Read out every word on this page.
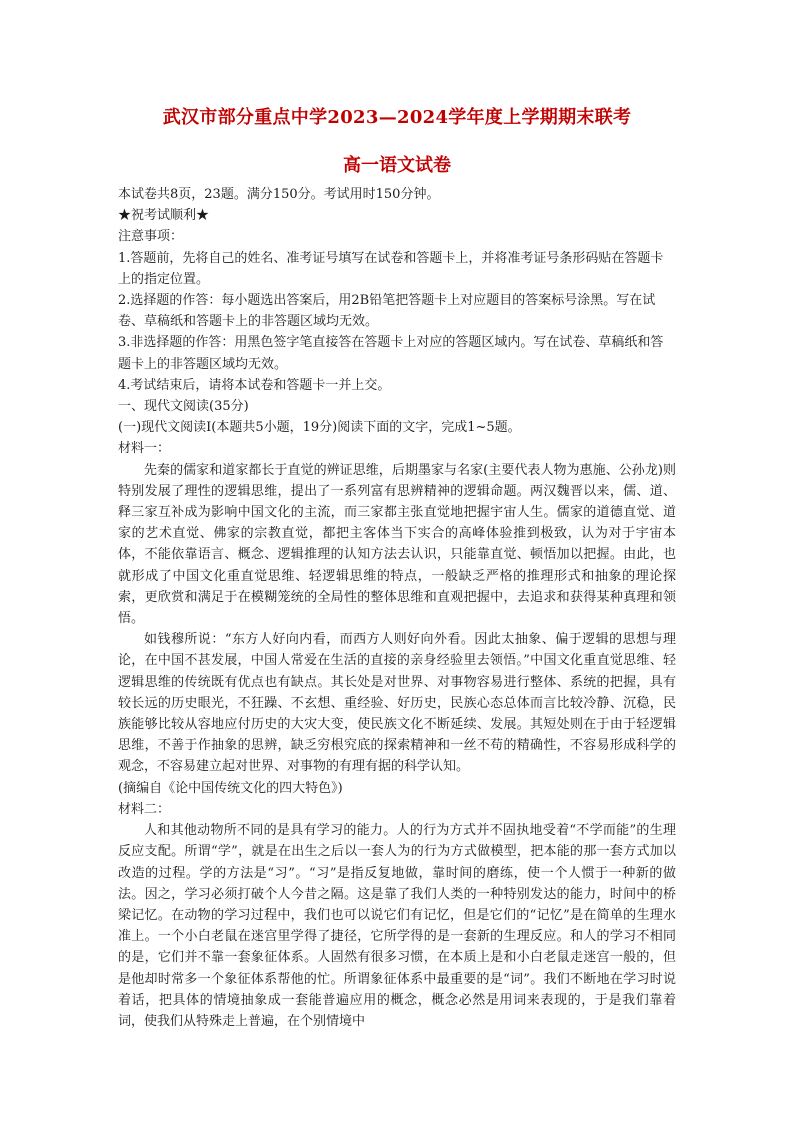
武汉市部分重点中学2023—2024学年度上学期期末联考
高一语文试卷

本试卷共8页，23题。满分150分。考试用时150分钟。

★祝考试顺利★

注意事项：

1.答题前，先将自己的姓名、准考证号填写在试卷和答题卡上，并将准考证号条形码贴在答题卡上的指定位置。

2.选择题的作答：每小题选出答案后，用2B铅笔把答题卡上对应题目的答案标号涂黑。写在试卷、草稿纸和答题卡上的非答题区域均无效。

3.非选择题的作答：用黑色签字笔直接答在答题卡上对应的答题区域内。写在试卷、草稿纸和答题卡上的非答题区域均无效。

4.考试结束后，请将本试卷和答题卡一并上交。

一、现代文阅读(35分)

(一)现代文阅读Ⅰ(本题共5小题，19分)阅读下面的文字，完成1~5题。

材料一：

先秦的儒家和道家都长于直觉的辨证思维，后期墨家与名家(主要代表人物为惠施、公孙龙)则特别发展了理性的逻辑思维，提出了一系列富有思辨精神的逻辑命题。两汉魏晋以来，儒、道、释三家互补成为影响中国文化的主流，而三家都主张直觉地把握宇宙人生。儒家的道德直觉、道家的艺术直觉、佛家的宗教直觉，都把主客体当下实合的高峰体验推到极致，认为对于宇宙本体，不能依靠语言、概念、逻辑推理的认知方法去认识，只能靠直觉、顿悟加以把握。由此，也就形成了中国文化重直觉思维、轻逻辑思维的特点，一般缺乏严格的推理形式和抽象的理论探索，更欣赏和满足于在模糊笼统的全局性的整体思维和直观把握中，去追求和获得某种真理和领悟。

如钱穆所说：“东方人好向内看，而西方人则好向外看。因此太抽象、偏于逻辑的思想与理论，在中国不甚发展，中国人常爱在生活的直接的亲身经验里去领悟。”中国文化重直觉思维、轻逻辑思维的传统既有优点也有缺点。其长处是对世界、对事物容易进行整体、系统的把握，具有较长远的历史眼光，不狂躁、不玄想、重经验、好历史，民族心态总体而言比较冷静、沉稳，民族能够比较从容地应付历史的大灾大变，使民族文化不断延续、发展。其短处则在于由于轻逻辑思维，不善于作抽象的思辨，缺乏穷根究底的探索精神和一丝不苟的精确性，不容易形成科学的观念，不容易建立起对世界、对事物的有理有据的科学认知。

(摘编自《论中国传统文化的四大特色》)

材料二：

人和其他动物所不同的是具有学习的能力。人的行为方式并不固执地受着“不学而能”的生理反应支配。所谓“学”，就是在出生之后以一套人为的行为方式做模型，把本能的那一套方式加以改造的过程。学的方法是“习”。“习”是指反复地做，靠时间的磨练，使一个人惯于一种新的做法。因之，学习必须打破个人今昔之隔。这是靠了我们人类的一种特别发达的能力，时间中的桥梁记忆。在动物的学习过程中，我们也可以说它们有记忆，但是它们的“记忆”是在简单的生理水准上。一个小白老鼠在迷宫里学得了捷径，它所学得的是一套新的生理反应。和人的学习不相同的是，它们并不靠一套象征体系。人固然有很多习惯，在本质上是和小白老鼠走迷宫一般的，但是他却时常多一个象征体系帮他的忙。所谓象征体系中最重要的是“词”。我们不断地在学习时说着话，把具体的情境抽象成一套能普遍应用的概念，概念必然是用词来表现的，于是我们靠着词，使我们从特殊走上普遍，在个别情境中
